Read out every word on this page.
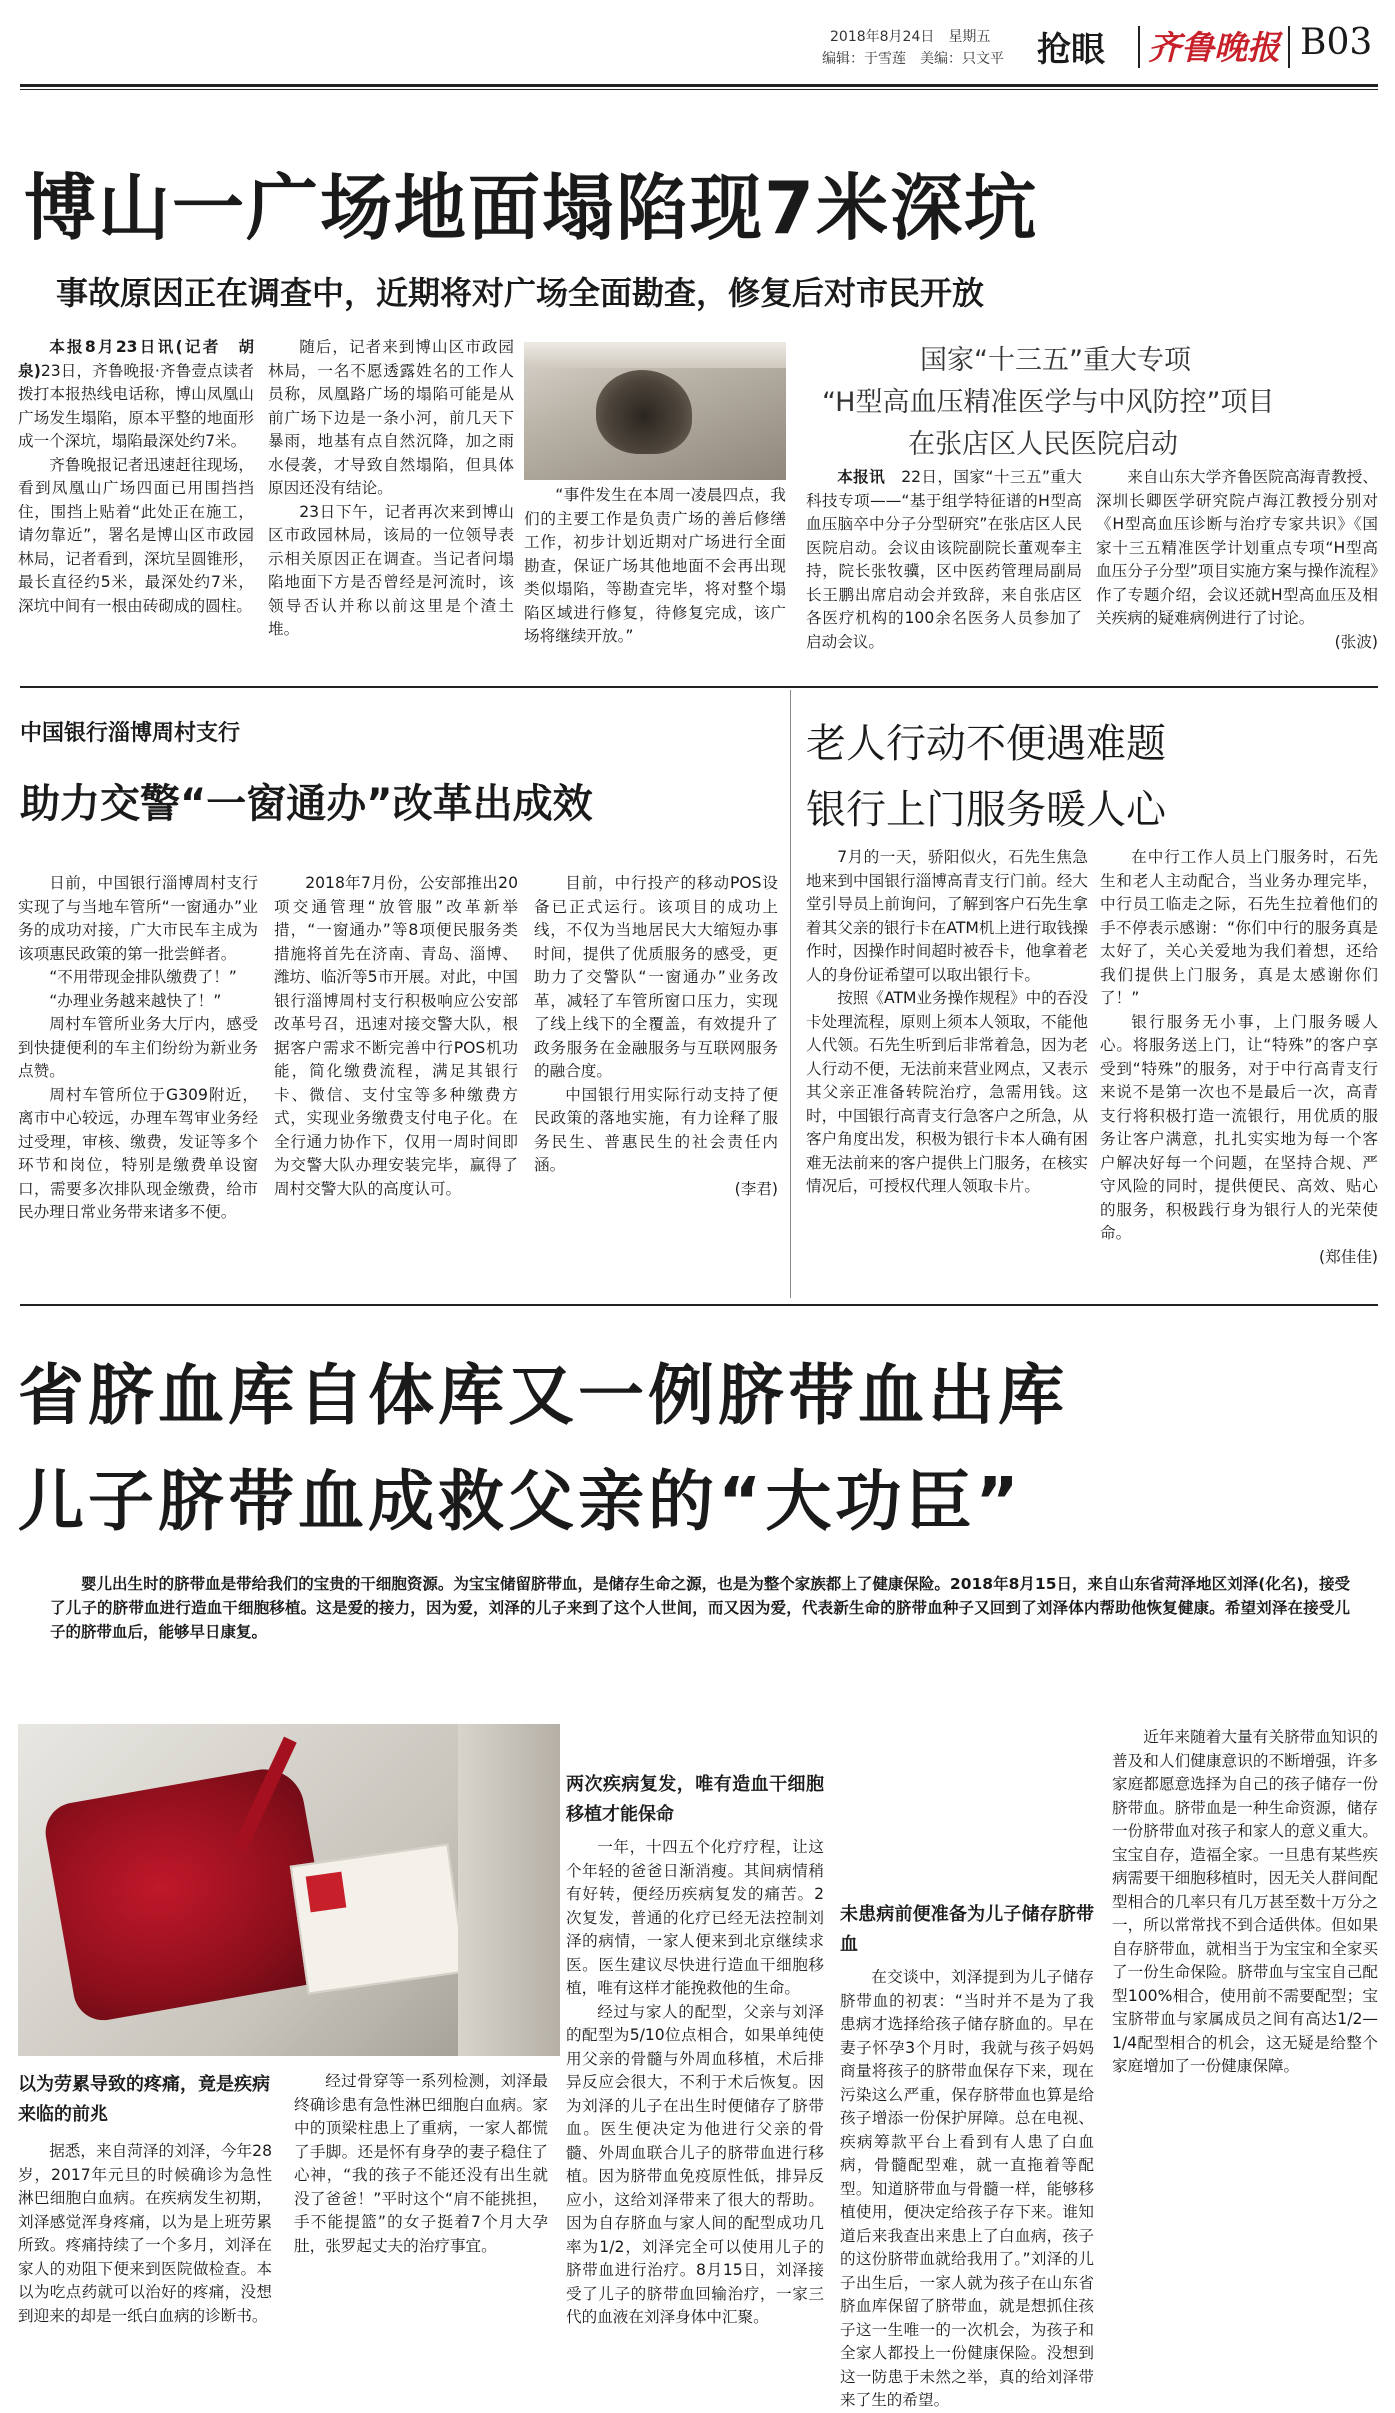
2018年8月24日　星期五
编辑：于雪莲　美编：只文平 抢眼 齐鲁晚报 B03
博山一广场地面塌陷现7米深坑
事故原因正在调查中，近期将对广场全面勘查，修复后对市民开放

本报8月23日讯(记者　胡泉)23日，齐鲁晚报·齐鲁壹点读者拨打本报热线电话称，博山凤凰山广场发生塌陷，原本平整的地面形成一个深坑，塌陷最深处约7米。

齐鲁晚报记者迅速赶往现场，看到凤凰山广场四面已用围挡挡住，围挡上贴着“此处正在施工，请勿靠近”，署名是博山区市政园林局，记者看到，深坑呈圆锥形，最长直径约5米，最深处约7米，深坑中间有一根由砖砌成的圆柱。

随后，记者来到博山区市政园林局，一名不愿透露姓名的工作人员称，凤凰路广场的塌陷可能是从前广场下边是一条小河，前几天下暴雨，地基有点自然沉降，加之雨水侵袭，才导致自然塌陷，但具体原因还没有结论。

23日下午，记者再次来到博山区市政园林局，该局的一位领导表示相关原因正在调查。当记者问塌陷地面下方是否曾经是河流时，该领导否认并称以前这里是个渣土堆。

“事件发生在本周一凌晨四点，我们的主要工作是负责广场的善后修缮工作，初步计划近期对广场进行全面勘查，保证广场其他地面不会再出现类似塌陷，等勘查完毕，将对整个塌陷区域进行修复，待修复完成，该广场将继续开放。”
国家“十三五”重大专项
“H型高血压精准医学与中风防控”项目
在张店区人民医院启动

本报讯　 22日，国家“十三五”重大科技专项——“基于组学特征谱的H型高血压脑卒中分子分型研究”在张店区人民医院启动。会议由该院副院长董观奉主持，院长张牧骥，区中医药管理局副局长王鹏出席启动会并致辞，来自张店区各医疗机构的100余名医务人员参加了启动会议。

来自山东大学齐鲁医院高海青教授、深圳长卿医学研究院卢海江教授分别对《H型高血压诊断与治疗专家共识》《国家十三五精准医学计划重点专项“H型高血压分子分型”项目实施方案与操作流程》作了专题介绍，会议还就H型高血压及相关疾病的疑难病例进行了讨论。

(张波)

中国银行淄博周村支行
助力交警“一窗通办”改革出成效

日前，中国银行淄博周村支行实现了与当地车管所“一窗通办”业务的成功对接，广大市民车主成为该项惠民政策的第一批尝鲜者。

“不用带现金排队缴费了！”

“办理业务越来越快了！”

周村车管所业务大厅内，感受到快捷便利的车主们纷纷为新业务点赞。

周村车管所位于G309附近，离市中心较远，办理车驾审业务经过受理，审核、缴费，发证等多个环节和岗位，特别是缴费单设窗口，需要多次排队现金缴费，给市民办理日常业务带来诸多不便。

2018年7月份，公安部推出20项交通管理“放管服”改革新举措，“一窗通办”等8项便民服务类措施将首先在济南、青岛、淄博、潍坊、临沂等5市开展。对此，中国银行淄博周村支行积极响应公安部改革号召，迅速对接交警大队，根据客户需求不断完善中行POS机功能，简化缴费流程，满足其银行卡、微信、支付宝等多种缴费方式，实现业务缴费支付电子化。在全行通力协作下，仅用一周时间即为交警大队办理安装完毕，赢得了周村交警大队的高度认可。

目前，中行投产的移动POS设备已正式运行。该项目的成功上线，不仅为当地居民大大缩短办事时间，提供了优质服务的感受，更助力了交警队“一窗通办”业务改革，减轻了车管所窗口压力，实现了线上线下的全覆盖，有效提升了政务服务在金融服务与互联网服务的融合度。

中国银行用实际行动支持了便民政策的落地实施，有力诠释了服务民生、普惠民生的社会责任内涵。

(李君)

老人行动不便遇难题
银行上门服务暖人心

7月的一天，骄阳似火，石先生焦急地来到中国银行淄博高青支行门前。经大堂引导员上前询问，了解到客户石先生拿着其父亲的银行卡在ATM机上进行取钱操作时，因操作时间超时被吞卡，他拿着老人的身份证希望可以取出银行卡。

按照《ATM业务操作规程》中的吞没卡处理流程，原则上须本人领取，不能他人代领。石先生听到后非常着急，因为老人行动不便，无法前来营业网点，又表示其父亲正准备转院治疗，急需用钱。这时，中国银行高青支行急客户之所急，从客户角度出发，积极为银行卡本人确有困难无法前来的客户提供上门服务，在核实情况后，可授权代理人领取卡片。

在中行工作人员上门服务时，石先生和老人主动配合，当业务办理完毕，中行员工临走之际，石先生拉着他们的手不停表示感谢：“你们中行的服务真是太好了，关心关爱地为我们着想，还给我们提供上门服务，真是太感谢你们了！”

银行服务无小事，上门服务暖人心。将服务送上门，让“特殊”的客户享受到“特殊”的服务，对于中行高青支行来说不是第一次也不是最后一次，高青支行将积极打造一流银行，用优质的服务让客户满意，扎扎实实地为每一个客户解决好每一个问题，在坚持合规、严守风险的同时，提供便民、高效、贴心的服务，积极践行身为银行人的光荣使命。

(郑佳佳)

省脐血库自体库又一例脐带血出库
儿子脐带血成救父亲的“大功臣”
婴儿出生时的脐带血是带给我们的宝贵的干细胞资源。为宝宝储留脐带血，是储存生命之源，也是为整个家族都上了健康保险。2018年8月15日，来自山东省菏泽地区刘泽(化名)，接受了儿子的脐带血进行造血干细胞移植。这是爱的接力，因为爱，刘泽的儿子来到了这个人世间，而又因为爱，代表新生命的脐带血种子又回到了刘泽体内帮助他恢复健康。希望刘泽在接受儿子的脐带血后，能够早日康复。
以为劳累导致的疼痛，竟是疾病来临的前兆

据悉，来自菏泽的刘泽，今年28岁，2017年元旦的时候确诊为急性淋巴细胞白血病。在疾病发生初期，刘泽感觉浑身疼痛，以为是上班劳累所致。疼痛持续了一个多月，刘泽在家人的劝阻下便来到医院做检查。本以为吃点药就可以治好的疼痛，没想到迎来的却是一纸白血病的诊断书。

经过骨穿等一系列检测，刘泽最终确诊患有急性淋巴细胞白血病。家中的顶梁柱患上了重病，一家人都慌了手脚。还是怀有身孕的妻子稳住了心神，“我的孩子不能还没有出生就没了爸爸！”平时这个“肩不能挑担，手不能提篮”的女子挺着7个月大孕肚，张罗起丈夫的治疗事宜。

两次疾病复发，唯有造血干细胞移植才能保命

一年，十四五个化疗疗程，让这个年轻的爸爸日渐消瘦。其间病情稍有好转，便经历疾病复发的痛苦。2次复发，普通的化疗已经无法控制刘泽的病情，一家人便来到北京继续求医。医生建议尽快进行造血干细胞移植，唯有这样才能挽救他的生命。

经过与家人的配型，父亲与刘泽的配型为5/10位点相合，如果单纯使用父亲的骨髓与外周血移植，术后排异反应会很大，不利于术后恢复。因为刘泽的儿子在出生时便储存了脐带血。医生便决定为他进行父亲的骨髓、外周血联合儿子的脐带血进行移植。因为脐带血免疫原性低，排异反应小，这给刘泽带来了很大的帮助。因为自存脐血与家人间的配型成功几率为1/2，刘泽完全可以使用儿子的脐带血进行治疗。8月15日，刘泽接受了儿子的脐带血回输治疗，一家三代的血液在刘泽身体中汇聚。

未患病前便准备为儿子储存脐带血

在交谈中，刘泽提到为儿子储存脐带血的初衷：“当时并不是为了我患病才选择给孩子储存脐血的。早在妻子怀孕3个月时，我就与孩子妈妈商量将孩子的脐带血保存下来，现在污染这么严重，保存脐带血也算是给孩子增添一份保护屏障。总在电视、疾病筹款平台上看到有人患了白血病，骨髓配型难，就一直拖着等配型。知道脐带血与骨髓一样，能够移植使用，便决定给孩子存下来。谁知道后来我查出来患上了白血病，孩子的这份脐带血就给我用了。”刘泽的儿子出生后，一家人就为孩子在山东省脐血库保留了脐带血，就是想抓住孩子这一生唯一的一次机会，为孩子和全家人都投上一份健康保险。没想到这一防患于未然之举，真的给刘泽带来了生的希望。

近年来随着大量有关脐带血知识的普及和人们健康意识的不断增强，许多家庭都愿意选择为自己的孩子储存一份脐带血。脐带血是一种生命资源，储存一份脐带血对孩子和家人的意义重大。宝宝自存，造福全家。一旦患有某些疾病需要干细胞移植时，因无关人群间配型相合的几率只有几万甚至数十万分之一，所以常常找不到合适供体。但如果自存脐带血，就相当于为宝宝和全家买了一份生命保险。脐带血与宝宝自己配型100%相合，使用前不需要配型；宝宝脐带血与家属成员之间有高达1/2—1/4配型相合的机会，这无疑是给整个家庭增加了一份健康保障。
